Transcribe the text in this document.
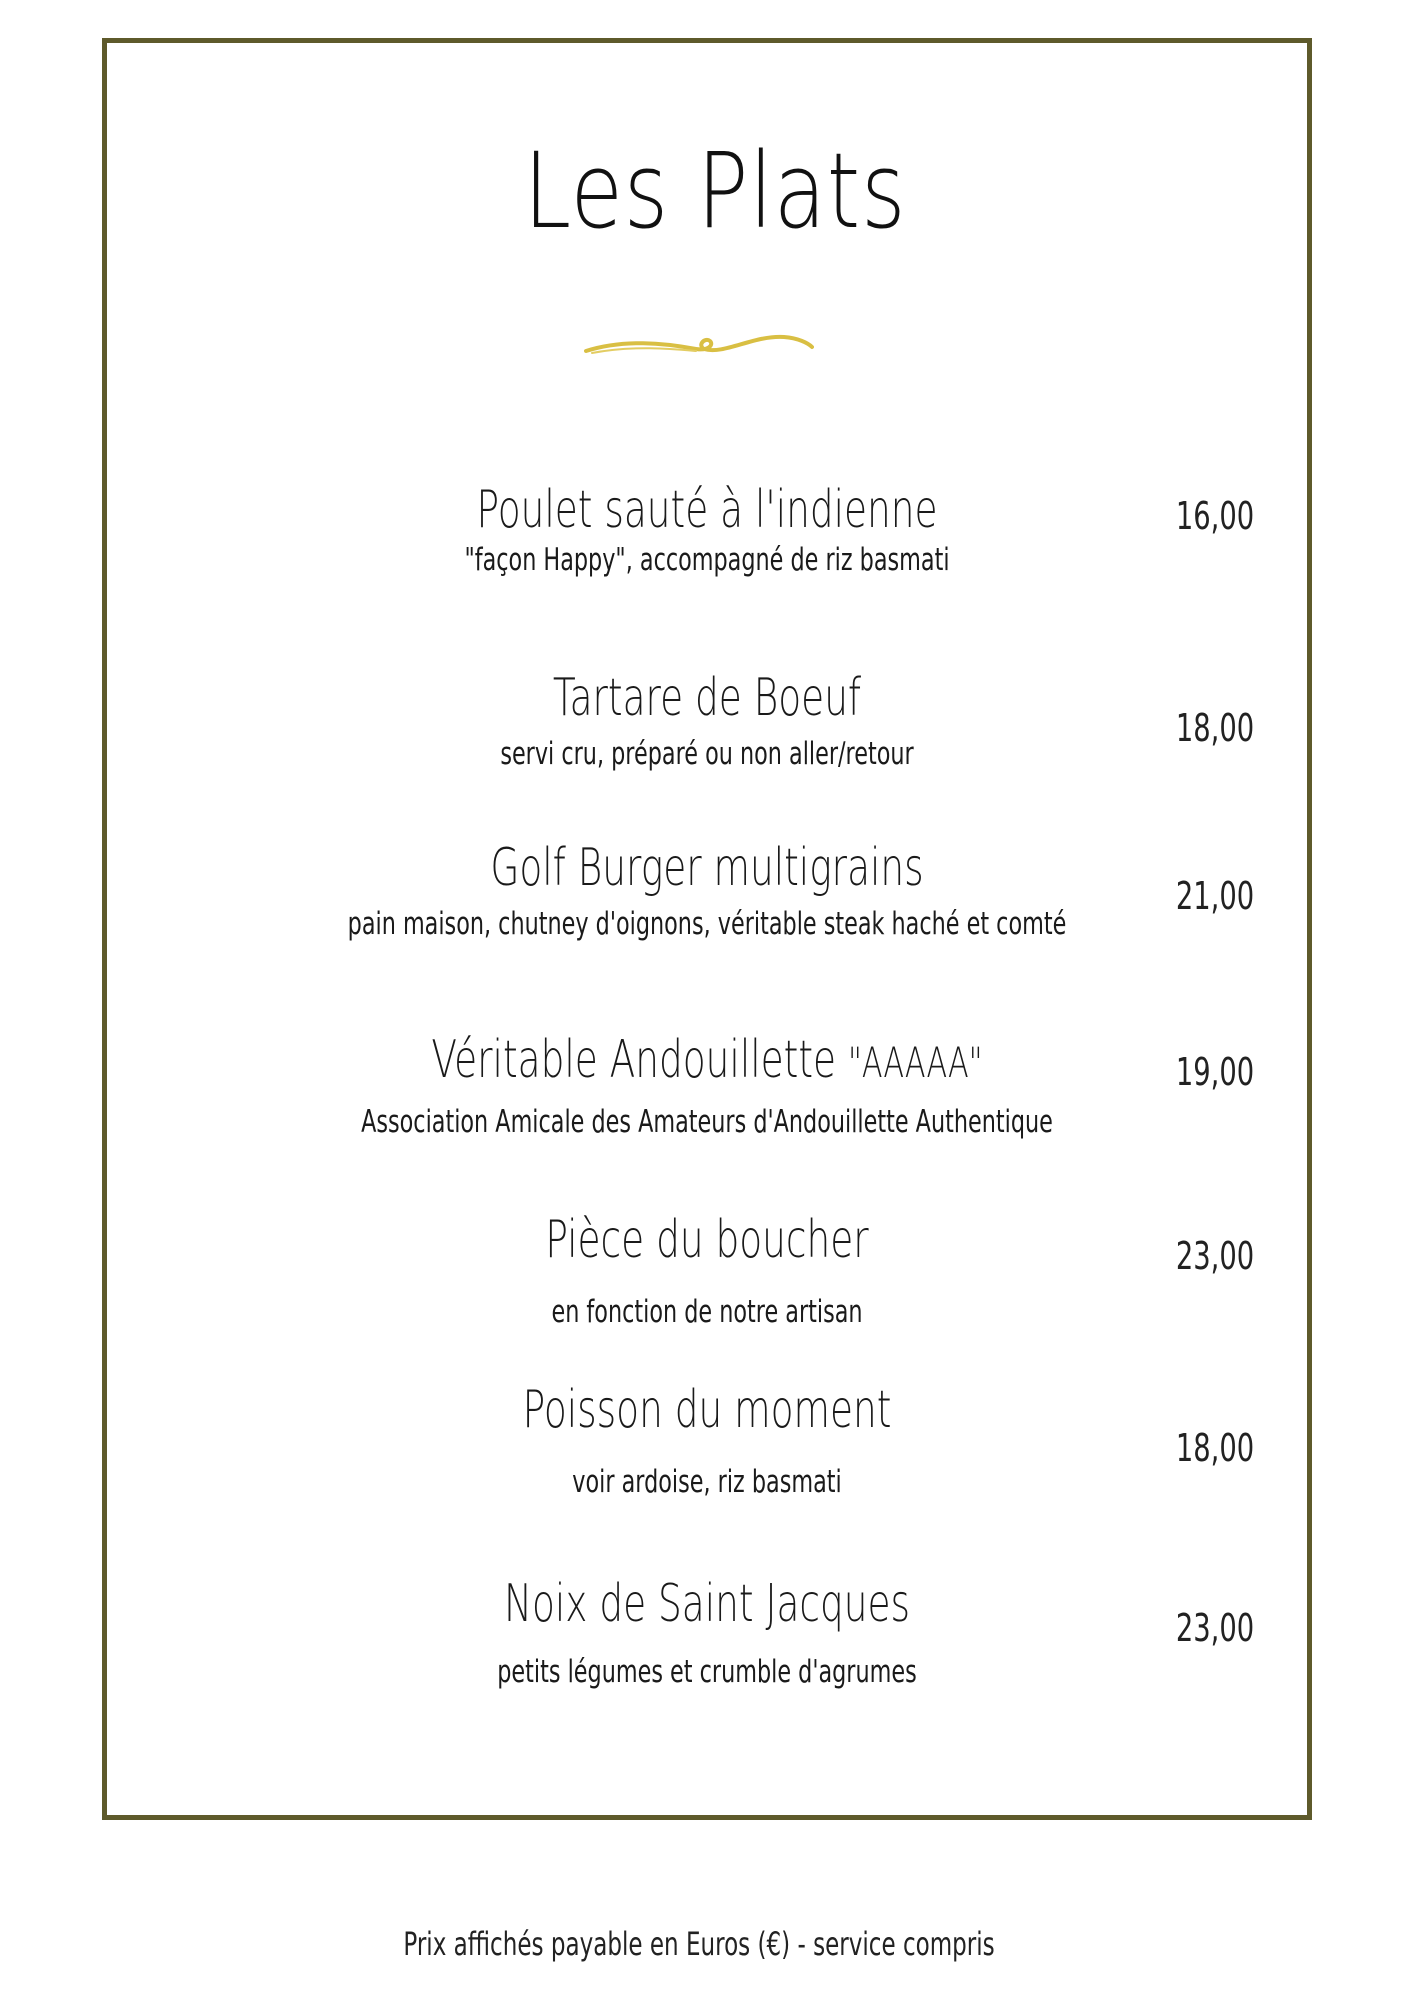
Les Plats
Poulet sauté à l'indienne
"façon Happy", accompagné de riz basmati
16,00
Tartare de Boeuf
servi cru, préparé ou non aller/retour
18,00
Golf Burger multigrains
pain maison, chutney d'oignons, véritable steak haché et comté
21,00
Véritable Andouillette "AAAAA"
Association Amicale des Amateurs d'Andouillette Authentique
19,00
Pièce du boucher
en fonction de notre artisan
23,00
Poisson du moment
voir ardoise, riz basmati
18,00
Noix de Saint Jacques
petits légumes et crumble d'agrumes
23,00
Prix affichés payable en Euros (€) - service compris
